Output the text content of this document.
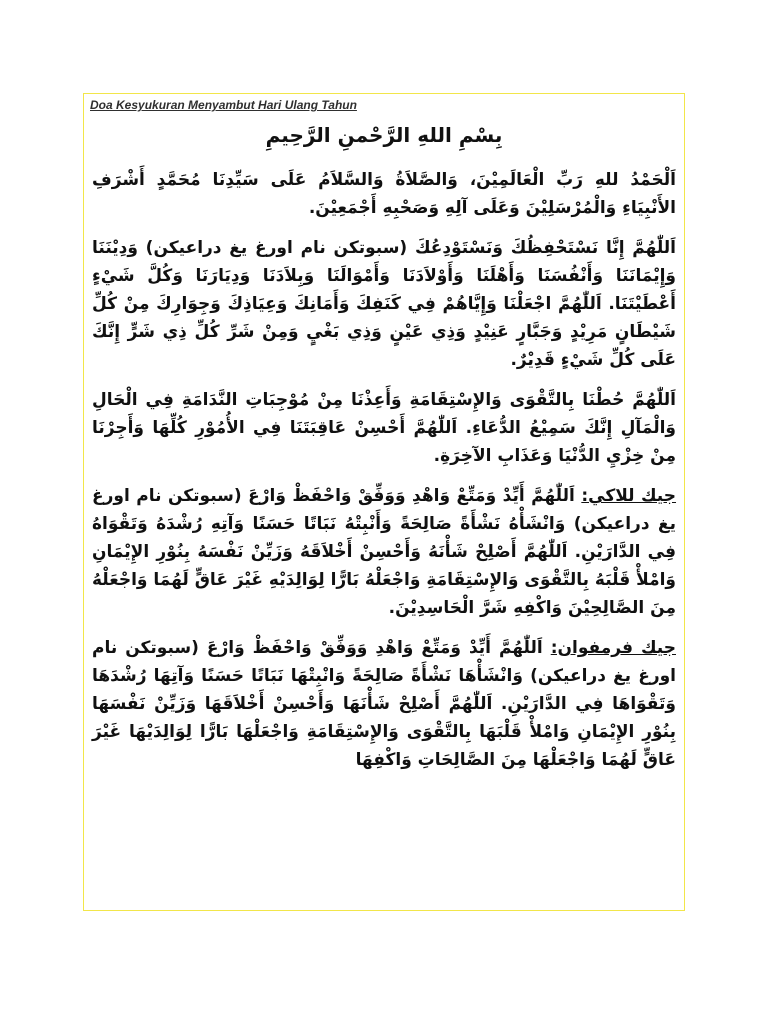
Doa Kesyukuran Menyambut Hari Ulang Tahun
بِسْمِ اللهِ الرَّحْمنِ الرَّحِيمِ

اَلْحَمْدُ للهِ رَبِّ الْعَالَمِيْنَ، وَالصَّلاَةُ وَالسَّلاَمُ عَلَى سَيِّدِنَا مُحَمَّدٍ أَشْرَفِ الأَنْبِيَاءِ وَالْمُرْسَلِيْنَ وَعَلَى آلِهِ وَصَحْبِهِ أَجْمَعِيْنَ.

اَللّٰهُمَّ إِنَّا نَسْتَحْفِظُكَ وَنَسْتَوْدِعُكَ (سبوتكن نام اورغ يغ دراعيكن) وَدِيْنَنَا وَإِيْمَانَنَا وَأَنْفُسَنَا وَأَهْلَنَا وَأَوْلاَدَنَا وَأَمْوَالَنَا وَبِلاَدَنَا وَدِيَارَنَا وَكُلَّ شَيْءٍ أَعْطَيْتَنَا. اَللّٰهُمَّ اجْعَلْنَا وَإِيَّاهُمْ فِي كَنَفِكَ وَأَمَانِكَ وَعِيَاذِكَ وَجِوَارِكَ مِنْ كُلِّ شَيْطَانٍ مَرِيْدٍ وَجَبَّارٍ عَنِيْدٍ وَذِي عَيْنٍ وَذِي بَغْيٍ وَمِنْ شَرِّ كُلِّ ذِي شَرٍّ إِنَّكَ عَلَى كُلِّ شَيْءٍ قَدِيْرٌ.

اَللّٰهُمَّ حُطْنَا بِالتَّقْوَى وَالإِسْتِقَامَةِ وَأَعِذْنَا مِنْ مُوْجِبَاتِ النَّدَامَةِ فِي الْحَالِ وَالْمَآلِ إِنَّكَ سَمِيْعُ الدُّعَاءِ. اَللّٰهُمَّ أَحْسِنْ عَاقِبَتَنَا فِي الأُمُوْرِ كُلِّهَا وَأَجِرْنَا مِنْ خِزْيِ الدُّنْيَا وَعَذَابِ الآخِرَةِ.

جيك للاكي: اَللّٰهُمَّ أَيِّدْ وَمَتِّعْ وَاهْدِ وَوَفِّقْ وَاحْفَظْ وَارْعَ (سبوتكن نام اورغ يغ دراعيكن) وَانْشَأْهُ نَشْأَةً صَالِحَةً وَأَنْبِتْهُ نَبَاتًا حَسَنًا وَآتِهِ رُشْدَهُ وَتَقْوَاهُ فِي الدَّارَيْنِ. اَللّٰهُمَّ أَصْلِحْ شَأْنَهُ وَأَحْسِنْ أَخْلاَقَهُ وَزَيِّنْ نَفْسَهُ بِنُوْرِ الإِيْمَانِ وَامْلأْ قَلْبَهُ بِالتَّقْوَى وَالإِسْتِقَامَةِ وَاجْعَلْهُ بَارًّا لِوَالِدَيْهِ غَيْرَ عَاقٍّ لَهُمَا وَاجْعَلْهُ مِنَ الصَّالِحِيْنَ وَاكْفِهِ شَرَّ الْحَاسِدِيْنَ.

جيك فرمفوان: اَللّٰهُمَّ أَيِّدْ وَمَتِّعْ وَاهْدِ وَوَفِّقْ وَاحْفَظْ وَارْعَ (سبوتكن نام اورغ يغ دراعيكن) وَانْشَأْهَا نَشْأَةً صَالِحَةً وَانْبِتْهَا نَبَاتًا حَسَنًا وَآتِهَا رُشْدَهَا وَتَقْوَاهَا فِي الدَّارَيْنِ. اَللّٰهُمَّ أَصْلِحْ شَأْنَهَا وَأَحْسِنْ أَخْلاَقَهَا وَزَيِّنْ نَفْسَهَا بِنُوْرِ الإِيْمَانِ وَامْلأْ قَلْبَهَا بِالتَّقْوَى وَالإِسْتِقَامَةِ وَاجْعَلْهَا بَارًّا لِوَالِدَيْهَا غَيْرَ عَاقٍّ لَهُمَا وَاجْعَلْهَا مِنَ الصَّالِحَاتِ وَاكْفِهَا
